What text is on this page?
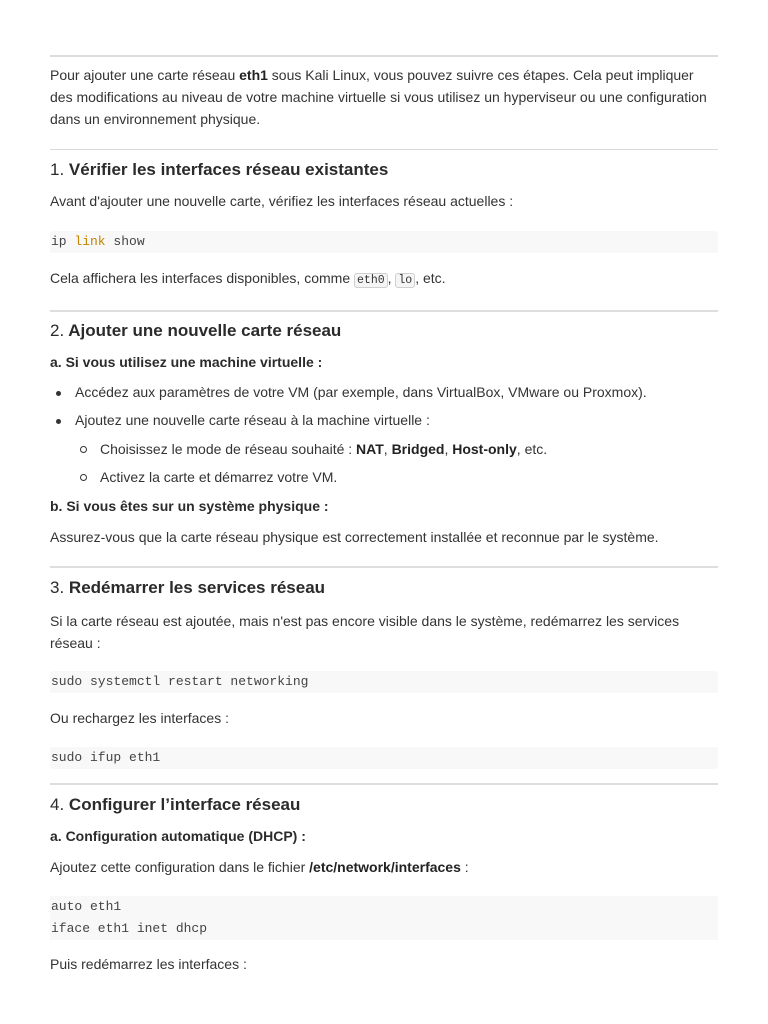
Pour ajouter une carte réseau eth1 sous Kali Linux, vous pouvez suivre ces étapes. Cela peut impliquer des modifications au niveau de votre machine virtuelle si vous utilisez un hyperviseur ou une configuration dans un environnement physique.

1. Vérifier les interfaces réseau existantes

Avant d'ajouter une nouvelle carte, vérifiez les interfaces réseau actuelles :

ip link show

Cela affichera les interfaces disponibles, comme eth0 , lo , etc.

2. Ajouter une nouvelle carte réseau
a. Si vous utilisez une machine virtuelle :
Accédez aux paramètres de votre VM (par exemple, dans VirtualBox, VMware ou Proxmox).
Ajoutez une nouvelle carte réseau à la machine virtuelle :
Choisissez le mode de réseau souhaité : NAT, Bridged, Host-only, etc.
Activez la carte et démarrez votre VM.
b. Si vous êtes sur un système physique :

Assurez-vous que la carte réseau physique est correctement installée et reconnue par le système.

3. Redémarrer les services réseau

Si la carte réseau est ajoutée, mais n'est pas encore visible dans le système, redémarrez les services réseau :

sudo systemctl restart networking

Ou rechargez les interfaces :

sudo ifup eth1
4. Configurer l’interface réseau
a. Configuration automatique (DHCP) :

Ajoutez cette configuration dans le fichier /etc/network/interfaces :

auto eth1
iface eth1 inet dhcp

Puis redémarrez les interfaces :
